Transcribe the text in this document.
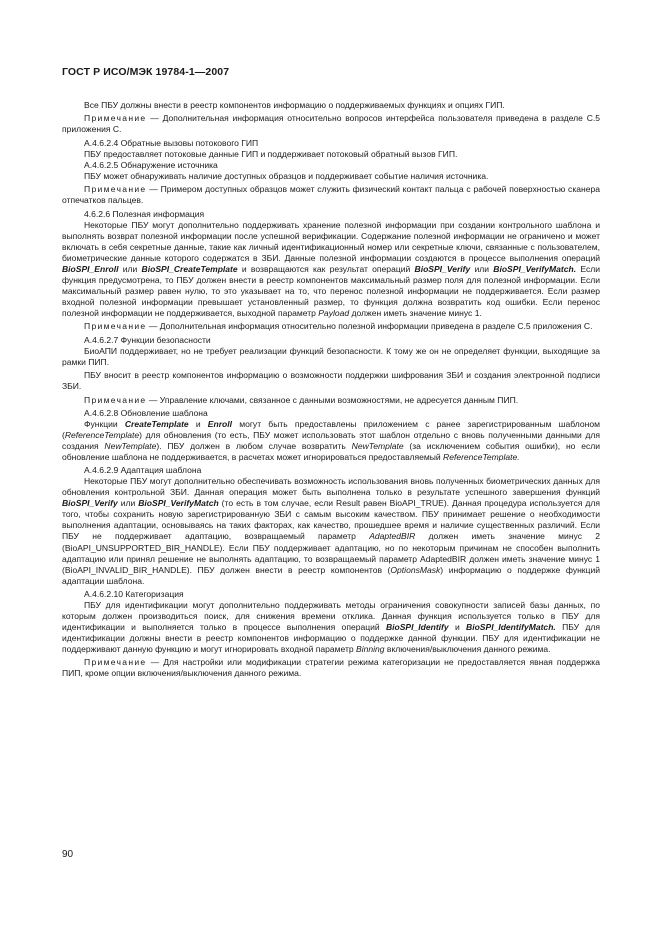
ГОСТ Р ИСО/МЭК 19784-1—2007

Все ПБУ должны внести в реестр компонентов информацию о поддерживаемых функциях и опциях ГИП.

Примечание — Дополнительная информация относительно вопросов интерфейса пользователя приведена в разделе С.5 приложения С.

А.4.6.2.4 Обратные вызовы потокового ГИП

ПБУ предоставляет потоковые данные ГИП и поддерживает потоковый обратный вызов ГИП.

А.4.6.2.5 Обнаружение источника

ПБУ может обнаруживать наличие доступных образцов и поддерживает событие наличия источника.

Примечание — Примером доступных образцов может служить физический контакт пальца с рабочей поверхностью сканера отпечатков пальцев.

4.6.2.6 Полезная информация

Некоторые ПБУ могут дополнительно поддерживать хранение полезной информации при создании контрольного шаблона и выполнять возврат полезной информации после успешной верификации. Содержание полезной информации не ограничено и может включать в себя секретные данные, такие как личный идентификационный номер или секретные ключи, связанные с пользователем, биометрические данные которого содержатся в ЗБИ. Данные полезной информации создаются в процессе выполнения операций BioSPI_Enroll или BioSPI_CreateTemplate и возвращаются как результат операций BioSPI_Verify или BioSPI_VerifyMatch. Если функция предусмотрена, то ПБУ должен внести в реестр компонентов максимальный размер поля для полезной информации. Если максимальный размер равен нулю, то это указывает на то, что перенос полезной информации не поддерживается. Если размер входной полезной информации превышает установленный размер, то функция должна возвратить код ошибки. Если перенос полезной информации не поддерживается, выходной параметр Payload должен иметь значение минус 1.

Примечание — Дополнительная информация относительно полезной информации приведена в разделе С.5 приложения С.

А.4.6.2.7 Функции безопасности

БиоАПИ поддерживает, но не требует реализации функций безопасности. К тому же он не определяет функции, выходящие за рамки ПИП.

ПБУ вносит в реестр компонентов информацию о возможности поддержки шифрования ЗБИ и создания электронной подписи ЗБИ.

Примечание — Управление ключами, связанное с данными возможностями, не адресуется данным ПИП.

А.4.6.2.8 Обновление шаблона

Функции CreateTemplate и Enroll могут быть предоставлены приложением с ранее зарегистрированным шаблоном (ReferenceTemplate) для обновления (то есть, ПБУ может использовать этот шаблон отдельно с вновь полученными данными для создания NewTemplate). ПБУ должен в любом случае возвратить NewTemplate (за исключением события ошибки), но если обновление шаблона не поддерживается, в расчетах может игнорироваться предоставляемый ReferenceTemplate.

А.4.6.2.9 Адаптация шаблона

Некоторые ПБУ могут дополнительно обеспечивать возможность использования вновь полученных биометрических данных для обновления контрольной ЗБИ. Данная операция может быть выполнена только в результате успешного завершения функций BioSPI_Verify или BioSPI_VerifyMatch (то есть в том случае, если Result равен BioAPI_TRUE). Данная процедура используется для того, чтобы сохранить новую зарегистрированную ЗБИ с самым высоким качеством. ПБУ принимает решение о необходимости выполнения адаптации, основываясь на таких факторах, как качество, прошедшее время и наличие существенных различий. Если ПБУ не поддерживает адаптацию, возвращаемый параметр AdaptedBIR должен иметь значение минус 2 (BioAPI_UNSUPPORTED_BIR_HANDLE). Если ПБУ поддерживает адаптацию, но по некоторым причинам не способен выполнить адаптацию или принял решение не выполнять адаптацию, то возвращаемый параметр AdaptedBIR должен иметь значение минус 1 (BioAPI_INVALID_BIR_HANDLE). ПБУ должен внести в реестр компонентов (OptionsMask) информацию о поддержке функций адаптации шаблона.

А.4.6.2.10 Категоризация

ПБУ для идентификации могут дополнительно поддерживать методы ограничения совокупности записей базы данных, по которым должен производиться поиск, для снижения времени отклика. Данная функция используется только в ПБУ для идентификации и выполняется только в процессе выполнения операций BioSPI_Identify и BioSPI_IdentifyMatch. ПБУ для идентификации должны внести в реестр компонентов информацию о поддержке данной функции. ПБУ для идентификации не поддерживают данную функцию и могут игнорировать входной параметр Binning включения/выключения данного режима.

Примечание — Для настройки или модификации стратегии режима категоризации не предоставляется явная поддержка ПИП, кроме опции включения/выключения данного режима.

90
